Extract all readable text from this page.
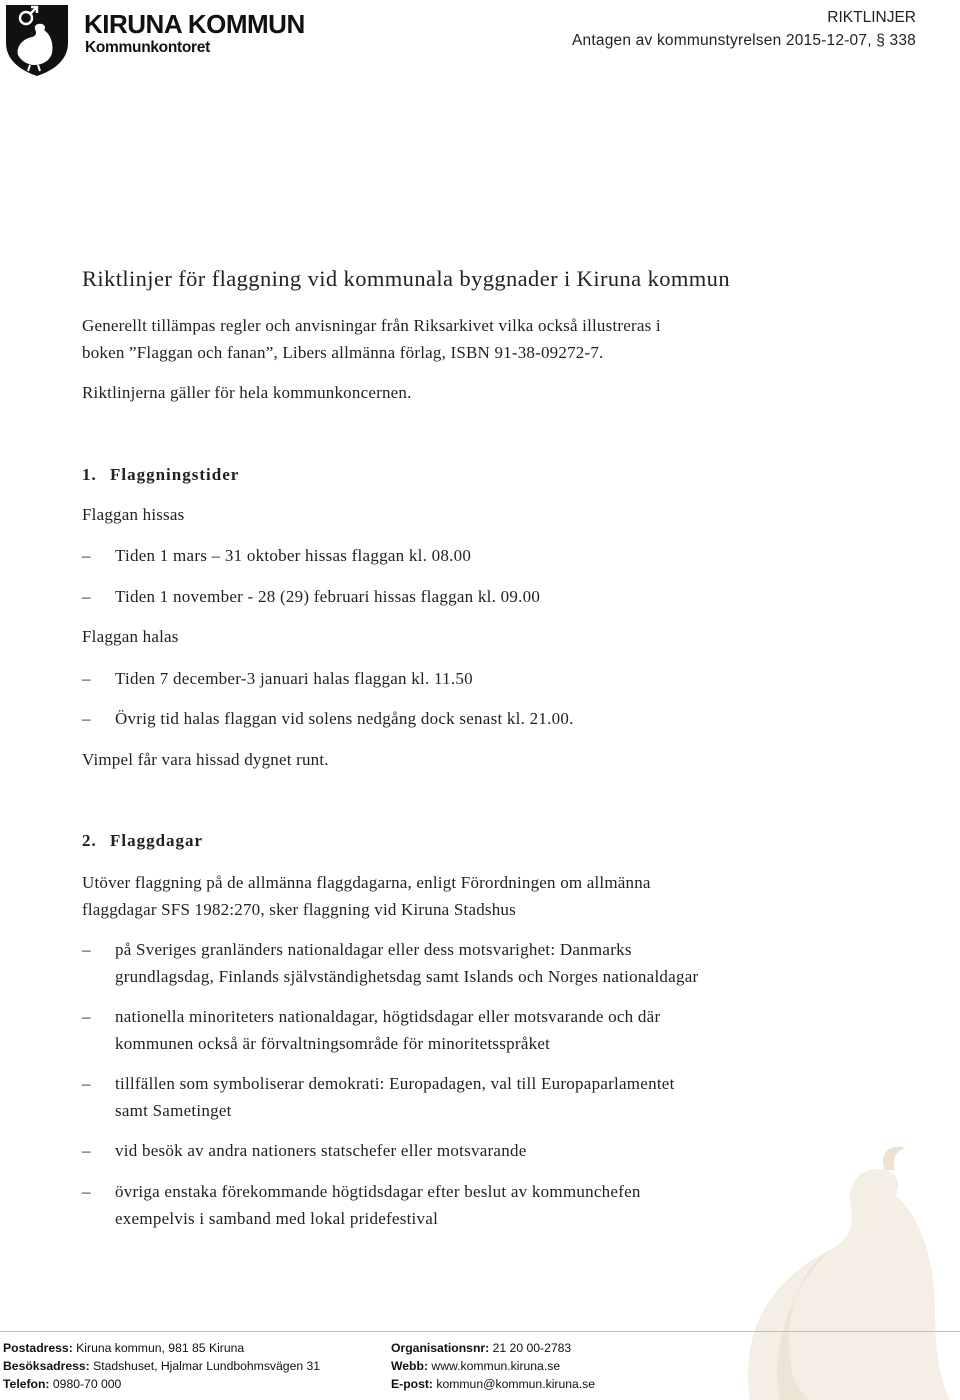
KIRUNA KOMMUN
Kommunkontoret
RIKTLINJER
Antagen av kommunstyrelsen 2015-12-07, § 338
Riktlinjer för flaggning vid kommunala byggnader i Kiruna kommun
Generellt tillämpas regler och anvisningar från Riksarkivet vilka också illustreras i
boken ”Flaggan och fanan”, Libers allmänna förlag, ISBN 91-38-09272-7.
Riktlinjerna gäller för hela kommunkoncernen.
1. Flaggningstider
Flaggan hissas
– Tiden 1 mars – 31 oktober hissas flaggan kl. 08.00
– Tiden 1 november - 28 (29) februari hissas flaggan kl. 09.00
Flaggan halas
– Tiden 7 december-3 januari halas flaggan kl. 11.50
– Övrig tid halas flaggan vid solens nedgång dock senast kl. 21.00.
Vimpel får vara hissad dygnet runt.
2. Flaggdagar
Utöver flaggning på de allmänna flaggdagarna, enligt Förordningen om allmänna
flaggdagar SFS 1982:270, sker flaggning vid Kiruna Stadshus
– på Sveriges granländers nationaldagar eller dess motsvarighet: Danmarks
grundlagsdag, Finlands självständighetsdag samt Islands och Norges nationaldagar
– nationella minoriteters nationaldagar, högtidsdagar eller motsvarande och där
kommunen också är förvaltningsområde för minoritetsspråket
– tillfällen som symboliserar demokrati: Europadagen, val till Europaparlamentet
samt Sametinget
– vid besök av andra nationers statschefer eller motsvarande
– övriga enstaka förekommande högtidsdagar efter beslut av kommunchefen
exempelvis i samband med lokal pridefestival
Postadress: Kiruna kommun, 981 85 Kiruna
Besöksadress: Stadshuset, Hjalmar Lundbohmsvägen 31
Telefon: 0980-70 000
Organisationsnr: 21 20 00-2783
Webb: www.kommun.kiruna.se
E-post: kommun@kommun.kiruna.se
